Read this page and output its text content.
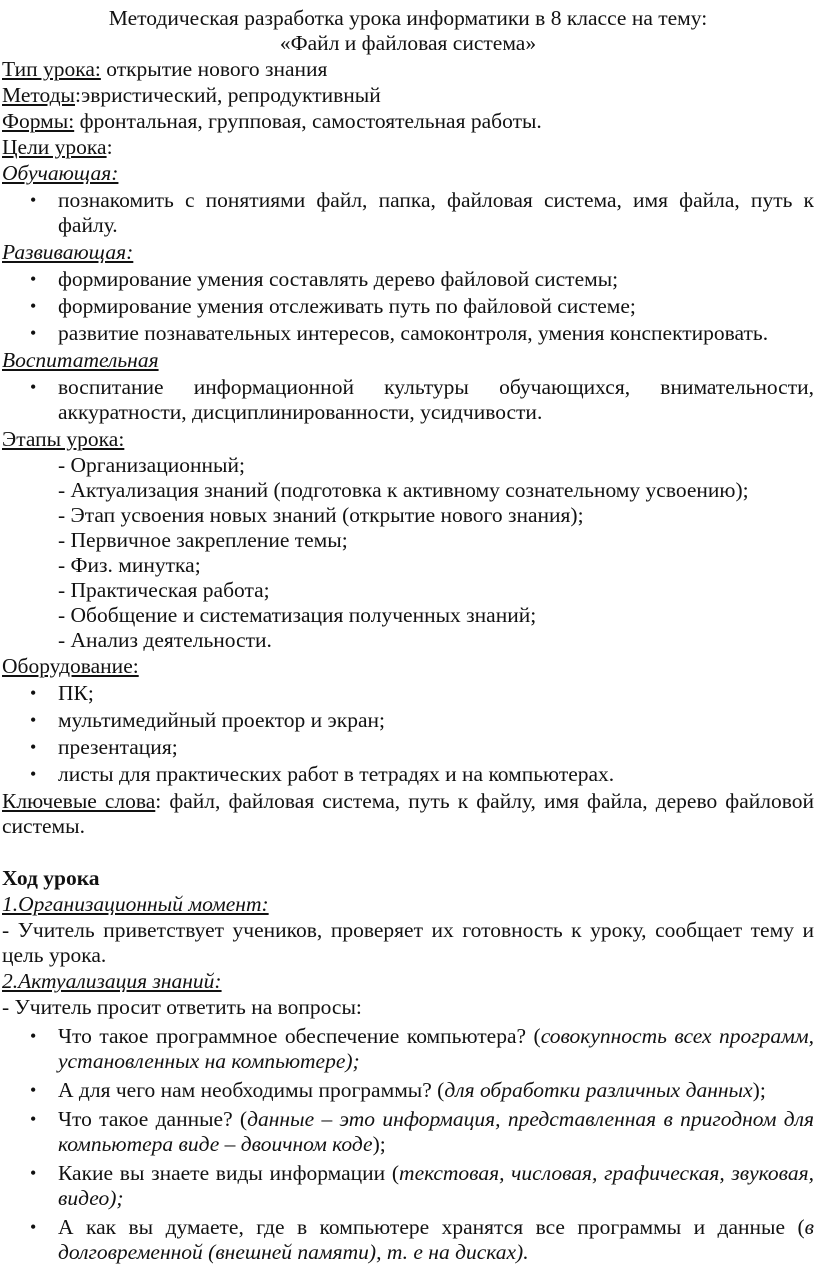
Методическая разработка урока информатики в 8 классе на тему:

«Файл и файловая система»

Тип урока: открытие нового знания

Методы:эвристический, репродуктивный

Формы: фронтальная, групповая, самостоятельная работы.

Цели урока:

Обучающая:

• познакомить с понятиями файл, папка, файловая система, имя файла, путь к файлу.

Развивающая:

• формирование умения составлять дерево файловой системы;
• формирование умения отслеживать путь по файловой системе;
• развитие познавательных интересов, самоконтроля, умения конспектировать.

Воспитательная

• воспитание информационной культуры обучающихся, внимательности, аккуратности, дисциплинированности, усидчивости.

Этапы урока:

- Организационный;
- Актуализация знаний (подготовка к активному сознательному усвоению);
- Этап усвоения новых знаний (открытие нового знания);
- Первичное закрепление темы;
- Физ. минутка;
- Практическая работа;
- Обобщение и систематизация полученных знаний;
- Анализ деятельности.

Оборудование:

• ПК;
• мультимедийный проектор и экран;
• презентация;
• листы для практических работ в тетрадях и на компьютерах.

Ключевые слова: файл, файловая система, путь к файлу, имя файла, дерево файловой системы.

Ход урока

1.Организационный момент:

- Учитель приветствует учеников, проверяет их готовность к уроку, сообщает тему и цель урока.

2.Актуализация знаний:

- Учитель просит ответить на вопросы:

• Что такое программное обеспечение компьютера? (совокупность всех программ, установленных на компьютере);
• А для чего нам необходимы программы? (для обработки различных данных);
• Что такое данные? (данные – это информация, представленная в пригодном для компьютера виде – двоичном коде);
• Какие вы знаете виды информации (текстовая, числовая, графическая, звуковая, видео);
• А как вы думаете, где в компьютере хранятся все программы и данные (в долговременной (внешней памяти), т. е на дисках).
